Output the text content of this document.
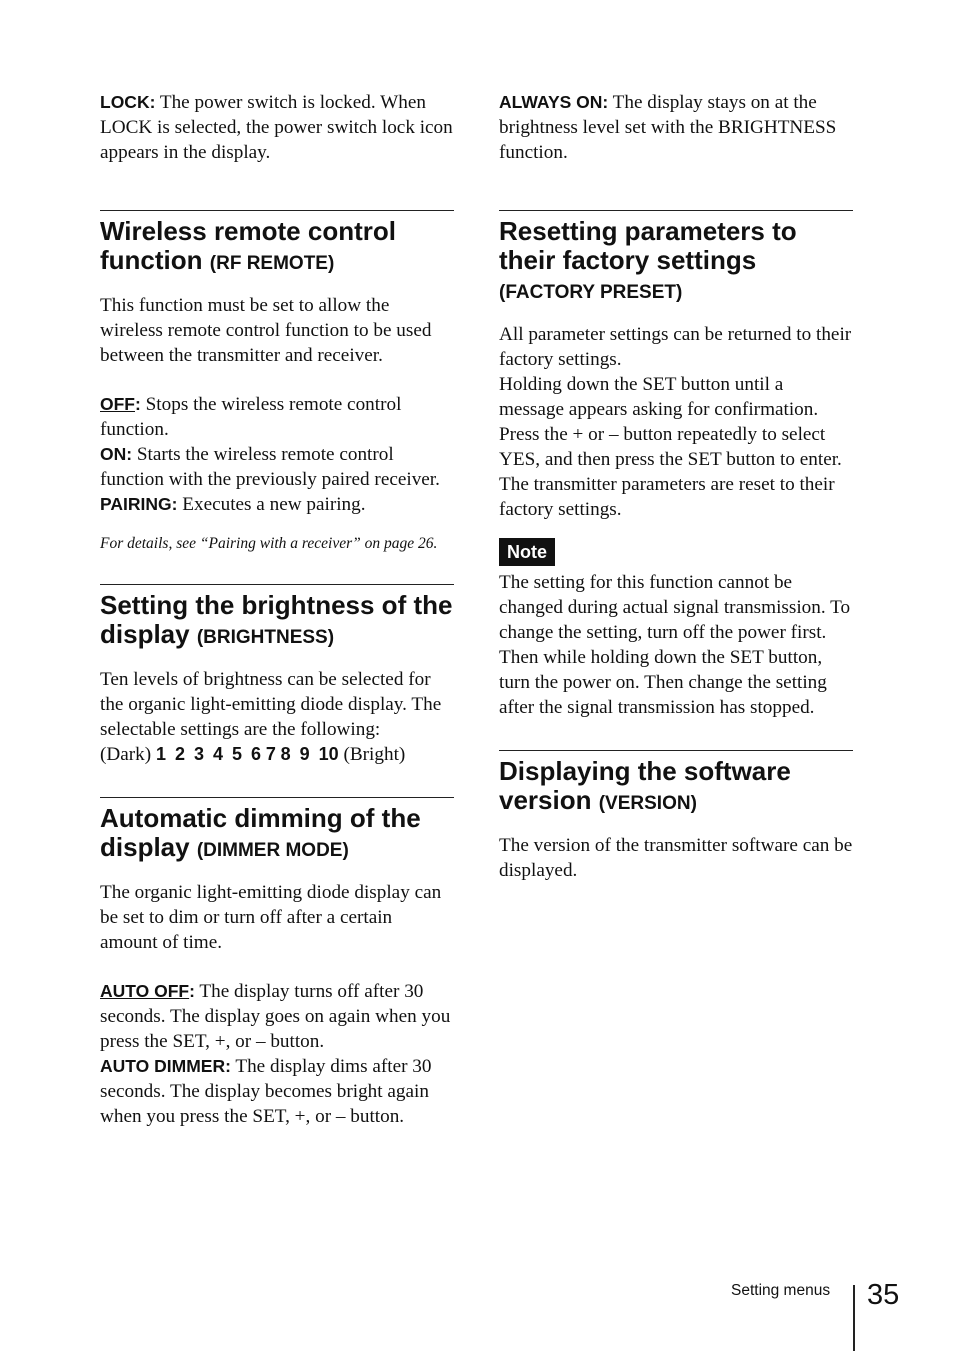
LOCK: The power switch is locked. When LOCK is selected, the power switch lock icon appears in the display.

Wireless remote control function (RF REMOTE)

This function must be set to allow the wireless remote control function to be used between the transmitter and receiver.

OFF: Stops the wireless remote control function.

ON: Starts the wireless remote control function with the previously paired receiver.

PAIRING: Executes a new pairing.

For details, see “Pairing with a receiver” on page 26.

Setting the brightness of the display (BRIGHTNESS)

Ten levels of brightness can be selected for the organic light-emitting diode display. The selectable settings are the following:

(Dark) 1 2 3 4 5 6 7 8 9 10 (Bright)

Automatic dimming of the display (DIMMER MODE)

The organic light-emitting diode display can be set to dim or turn off after a certain amount of time.

AUTO OFF: The display turns off after 30 seconds. The display goes on again when you press the SET, +, or – button.

AUTO DIMMER: The display dims after 30 seconds. The display becomes bright again when you press the SET, +, or – button.

ALWAYS ON: The display stays on at the brightness level set with the BRIGHTNESS function.

Resetting parameters to their factory settings
(FACTORY PRESET)

All parameter settings can be returned to their factory settings.

Holding down the SET button until a message appears asking for confirmation. Press the + or – button repeatedly to select YES, and then press the SET button to enter. The transmitter parameters are reset to their factory settings.

Note

The setting for this function cannot be changed during actual signal transmission. To change the setting, turn off the power first. Then while holding down the SET button, turn the power on. Then change the setting after the signal transmission has stopped.

Displaying the software version (VERSION)

The version of the transmitter software can be displayed.

Setting menus 35
